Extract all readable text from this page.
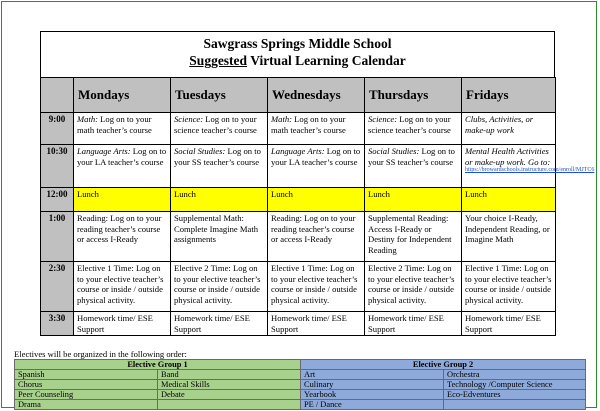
Sawgrass Springs Middle School
Suggested Virtual Learning Calendar
	Mondays	Tuesdays	Wednesdays	Thursdays	Fridays
9:00	Math: Log on to your math teacher’s course	Science: Log on to your science teacher’s course	Math: Log on to your math teacher’s course	Science: Log on to your science teacher’s course	Clubs, Activities, or make-up work
10:30	Language Arts: Log on to your LA teacher’s course	Social Studies: Log on to your SS teacher’s course	Language Arts: Log on to your LA teacher’s course	Social Studies: Log on to your SS teacher’s course	Mental Health Activities or make-up work. Go to:
https://browardschools.instructure.com/enroll/MJTC6

12:00	Lunch	Lunch	Lunch	Lunch	Lunch
1:00	Reading: Log on to your reading teacher’s course or access I-Ready	Supplemental Math: Complete Imagine Math assignments	Reading: Log on to your reading teacher’s course or access I-Ready	Supplemental Reading: Access I-Ready or Destiny for Independent Reading	Your choice I-Ready, Independent Reading, or Imagine Math
2:30	Elective 1 Time: Log on to your elective teacher’s course or inside / outside physical activity.	Elective 2 Time: Log on to your elective teacher’s course or inside / outside physical activity.	Elective 1 Time: Log on to your elective teacher’s course or inside / outside physical activity.	Elective 2 Time: Log on to your elective teacher’s course or inside / outside physical activity.	Elective 1 Time: Log on to your elective teacher’s course or inside / outside physical activity.
3:30	Homework time/ ESE Support	Homework time/ ESE Support	Homework time/ ESE Support	Homework time/ ESE Support	Homework time/ ESE Support
Electives will be organized in the following order:
Elective Group 1		Elective Group 2	
Spanish	Band	Art	Orchestra
Chorus	Medical Skills	Culinary	Technology /Computer Science
Peer Counseling	Debate	Yearbook	Eco-Edventures
Drama		PE / Dance	
